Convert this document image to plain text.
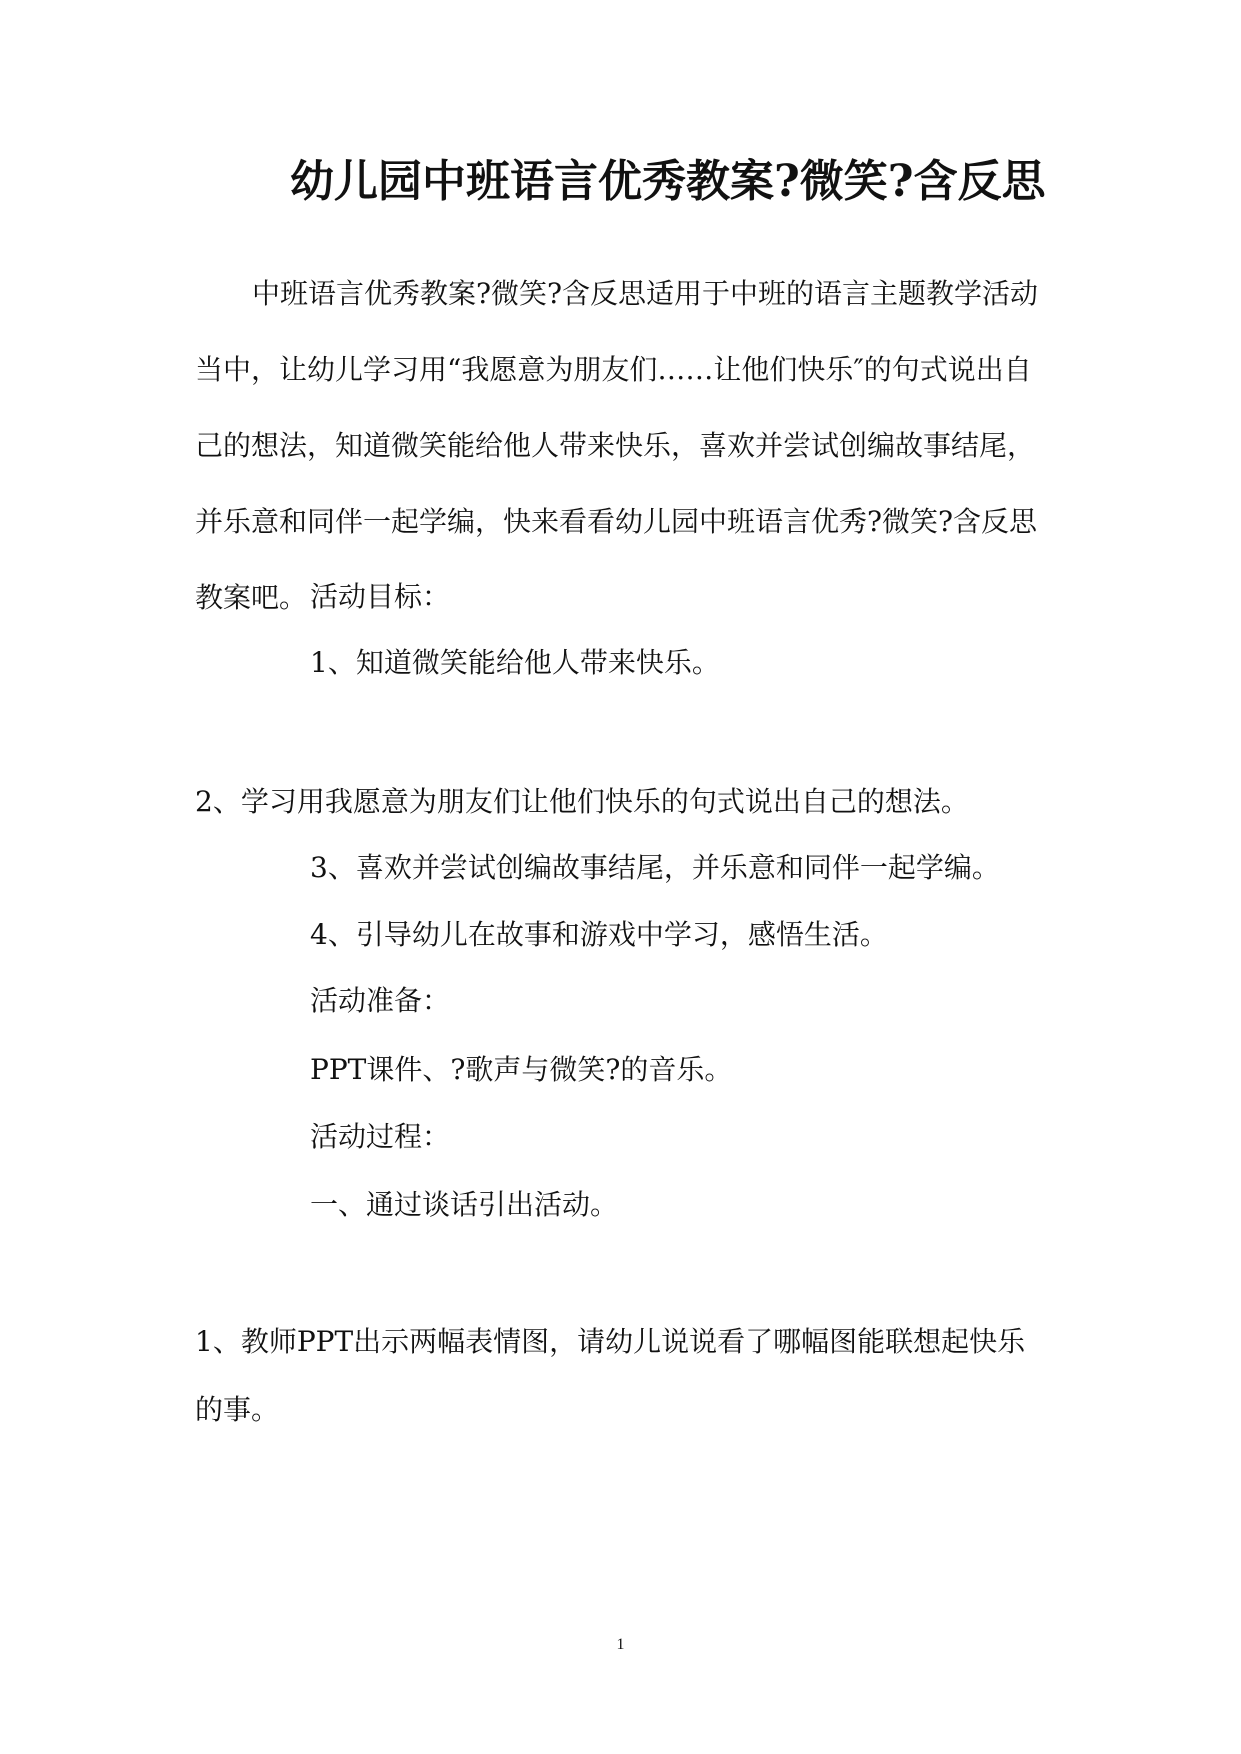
幼儿园中班语言优秀教案?微笑?含反思

中班语言优秀教案?微笑?含反思适用于中班的语言主题教学活动当中，让幼儿学习用“我愿意为朋友们……让他们快乐″的句式说出自己的想法，知道微笑能给他人带来快乐，喜欢并尝试创编故事结尾，并乐意和同伴一起学编，快来看看幼儿园中班语言优秀?微笑?含反思教案吧。 活动目标：

1、知道微笑能给他人带来快乐。

2、学习用我愿意为朋友们让他们快乐的句式说出自己的想法。

3、喜欢并尝试创编故事结尾，并乐意和同伴一起学编。

4、引导幼儿在故事和游戏中学习，感悟生活。

活动准备：

PPT课件、?歌声与微笑?的音乐。

活动过程：

一、通过谈话引出活动。

1、教师PPT出示两幅表情图，请幼儿说说看了哪幅图能联想起快乐

的事。

1
